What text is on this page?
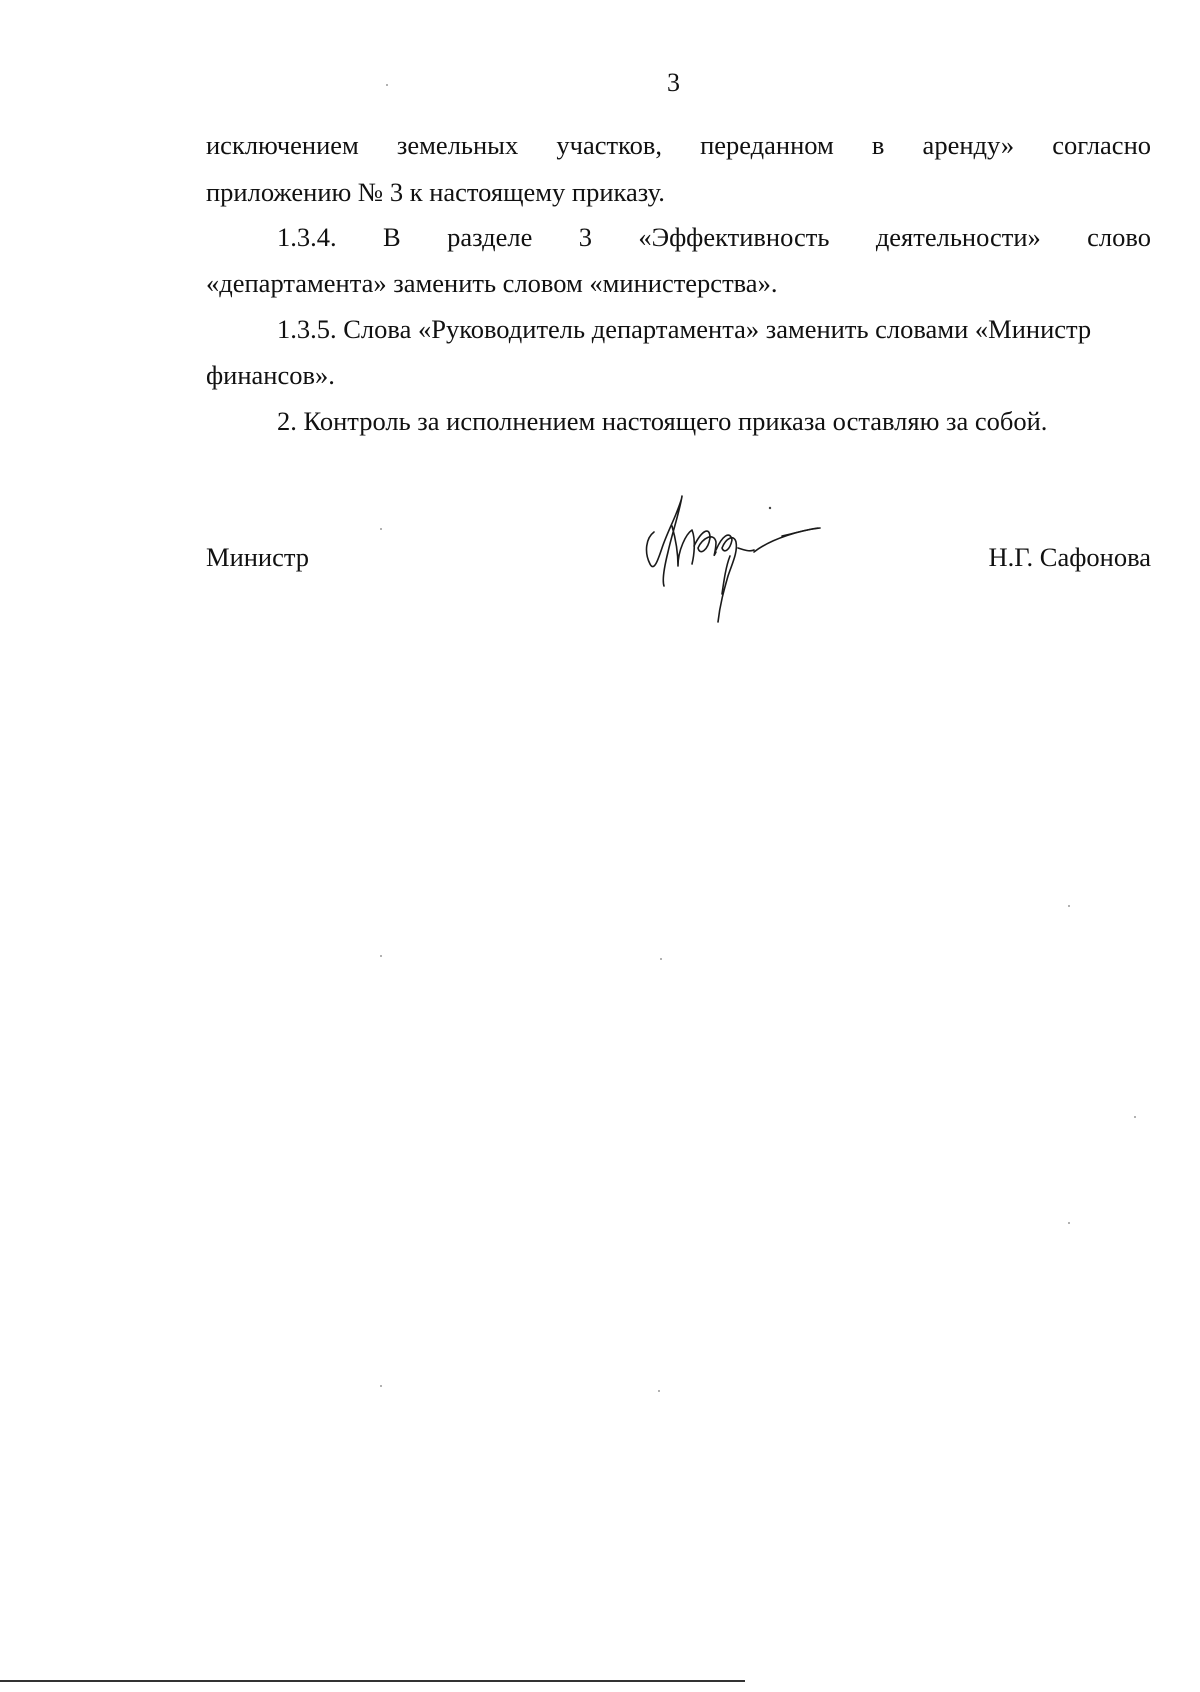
3
исключением земельных участков, переданном в аренду» согласно
приложению № 3 к настоящему приказу.
1.3.4. В разделе 3 «Эффективность деятельности» слово
«департамента» заменить словом «министерства».
1.3.5. Слова «Руководитель департамента» заменить словами «Министр
финансов».
2. Контроль за исполнением настоящего приказа оставляю за собой.
Министр	Н.Г. Сафонова
